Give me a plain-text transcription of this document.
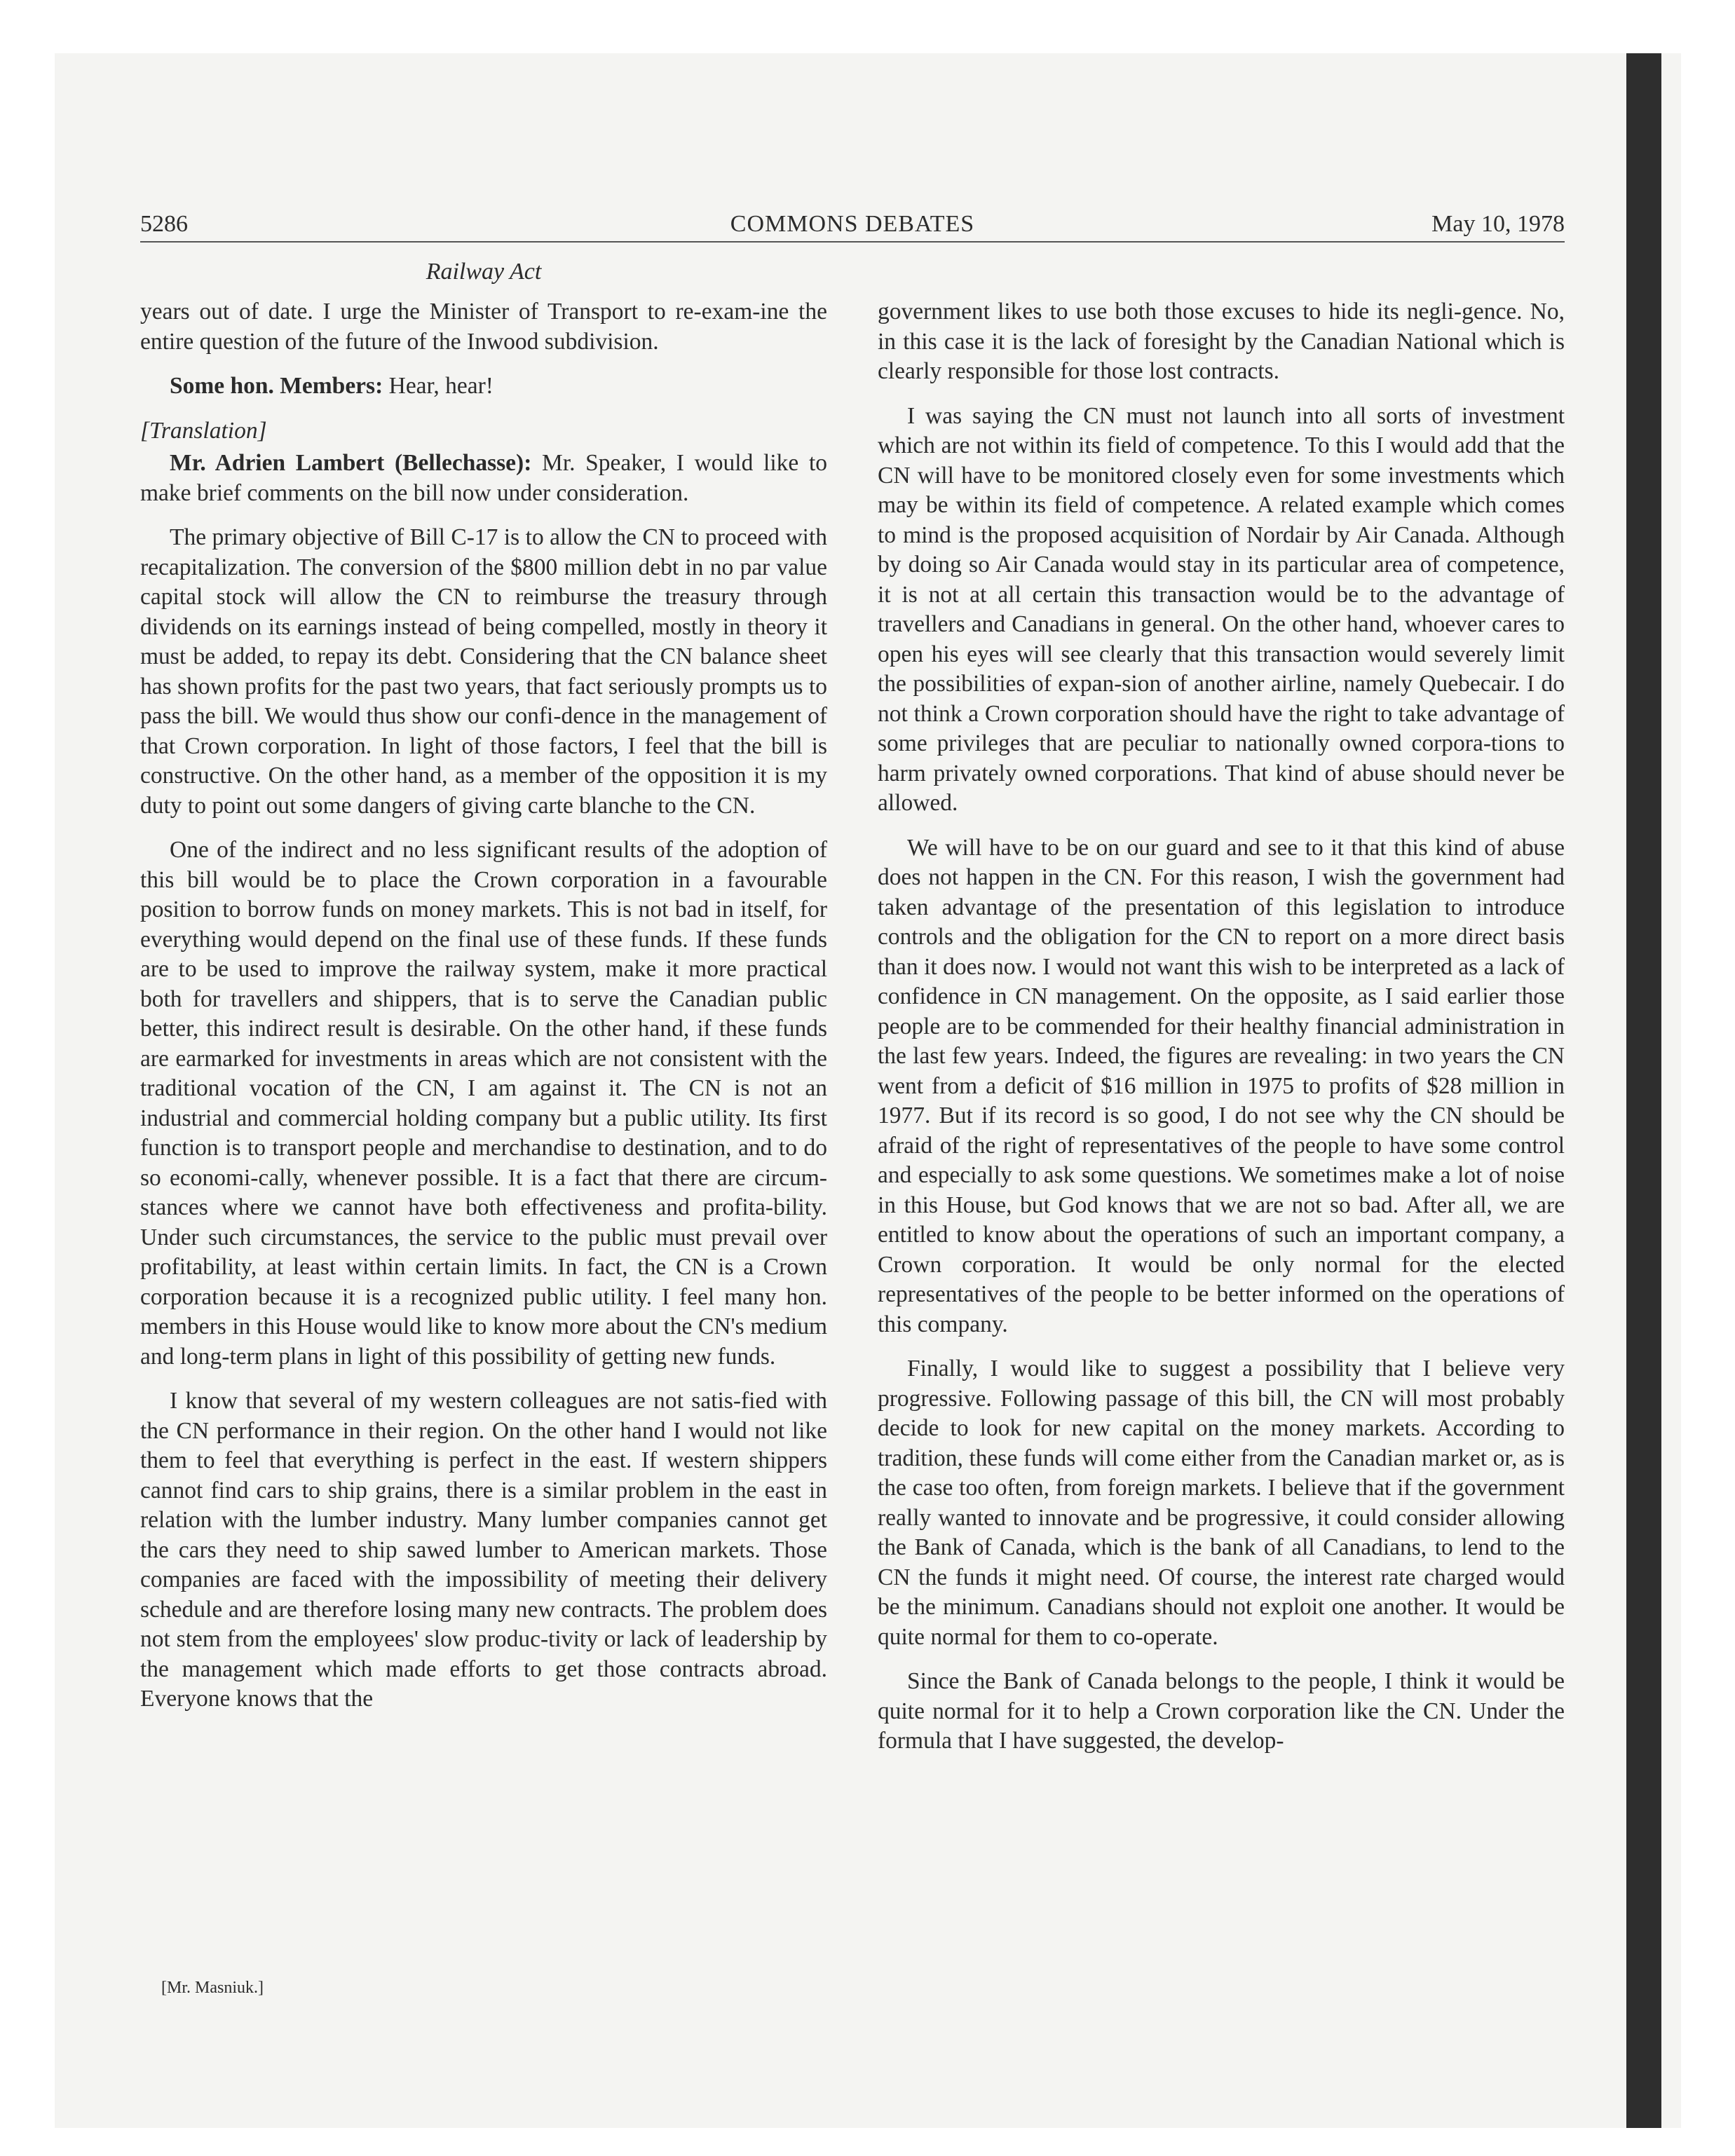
5286	COMMONS DEBATES	May 10, 1978
Railway Act

years out of date. I urge the Minister of Transport to re-exam-ine the entire question of the future of the Inwood subdivision.

Some hon. Members: Hear, hear!

[Translation]

Mr. Adrien Lambert (Bellechasse): Mr. Speaker, I would like to make brief comments on the bill now under consideration.

The primary objective of Bill C-17 is to allow the CN to proceed with recapitalization. The conversion of the $800 million debt in no par value capital stock will allow the CN to reimburse the treasury through dividends on its earnings instead of being compelled, mostly in theory it must be added, to repay its debt. Considering that the CN balance sheet has shown profits for the past two years, that fact seriously prompts us to pass the bill. We would thus show our confi-dence in the management of that Crown corporation. In light of those factors, I feel that the bill is constructive. On the other hand, as a member of the opposition it is my duty to point out some dangers of giving carte blanche to the CN.

One of the indirect and no less significant results of the adoption of this bill would be to place the Crown corporation in a favourable position to borrow funds on money markets. This is not bad in itself, for everything would depend on the final use of these funds. If these funds are to be used to improve the railway system, make it more practical both for travellers and shippers, that is to serve the Canadian public better, this indirect result is desirable. On the other hand, if these funds are earmarked for investments in areas which are not consistent with the traditional vocation of the CN, I am against it. The CN is not an industrial and commercial holding company but a public utility. Its first function is to transport people and merchandise to destination, and to do so economi-cally, whenever possible. It is a fact that there are circum-stances where we cannot have both effectiveness and profita-bility. Under such circumstances, the service to the public must prevail over profitability, at least within certain limits. In fact, the CN is a Crown corporation because it is a recognized public utility. I feel many hon. members in this House would like to know more about the CN's medium and long-term plans in light of this possibility of getting new funds.

I know that several of my western colleagues are not satis-fied with the CN performance in their region. On the other hand I would not like them to feel that everything is perfect in the east. If western shippers cannot find cars to ship grains, there is a similar problem in the east in relation with the lumber industry. Many lumber companies cannot get the cars they need to ship sawed lumber to American markets. Those companies are faced with the impossibility of meeting their delivery schedule and are therefore losing many new contracts. The problem does not stem from the employees' slow produc-tivity or lack of leadership by the management which made efforts to get those contracts abroad. Everyone knows that the

government likes to use both those excuses to hide its negli-gence. No, in this case it is the lack of foresight by the Canadian National which is clearly responsible for those lost contracts.

I was saying the CN must not launch into all sorts of investment which are not within its field of competence. To this I would add that the CN will have to be monitored closely even for some investments which may be within its field of competence. A related example which comes to mind is the proposed acquisition of Nordair by Air Canada. Although by doing so Air Canada would stay in its particular area of competence, it is not at all certain this transaction would be to the advantage of travellers and Canadians in general. On the other hand, whoever cares to open his eyes will see clearly that this transaction would severely limit the possibilities of expan-sion of another airline, namely Quebecair. I do not think a Crown corporation should have the right to take advantage of some privileges that are peculiar to nationally owned corpora-tions to harm privately owned corporations. That kind of abuse should never be allowed.

We will have to be on our guard and see to it that this kind of abuse does not happen in the CN. For this reason, I wish the government had taken advantage of the presentation of this legislation to introduce controls and the obligation for the CN to report on a more direct basis than it does now. I would not want this wish to be interpreted as a lack of confidence in CN management. On the opposite, as I said earlier those people are to be commended for their healthy financial administration in the last few years. Indeed, the figures are revealing: in two years the CN went from a deficit of $16 million in 1975 to profits of $28 million in 1977. But if its record is so good, I do not see why the CN should be afraid of the right of representatives of the people to have some control and especially to ask some questions. We sometimes make a lot of noise in this House, but God knows that we are not so bad. After all, we are entitled to know about the operations of such an important company, a Crown corporation. It would be only normal for the elected representatives of the people to be better informed on the operations of this company.

Finally, I would like to suggest a possibility that I believe very progressive. Following passage of this bill, the CN will most probably decide to look for new capital on the money markets. According to tradition, these funds will come either from the Canadian market or, as is the case too often, from foreign markets. I believe that if the government really wanted to innovate and be progressive, it could consider allowing the Bank of Canada, which is the bank of all Canadians, to lend to the CN the funds it might need. Of course, the interest rate charged would be the minimum. Canadians should not exploit one another. It would be quite normal for them to co-operate.

Since the Bank of Canada belongs to the people, I think it would be quite normal for it to help a Crown corporation like the CN. Under the formula that I have suggested, the develop-

[Mr. Masniuk.]
